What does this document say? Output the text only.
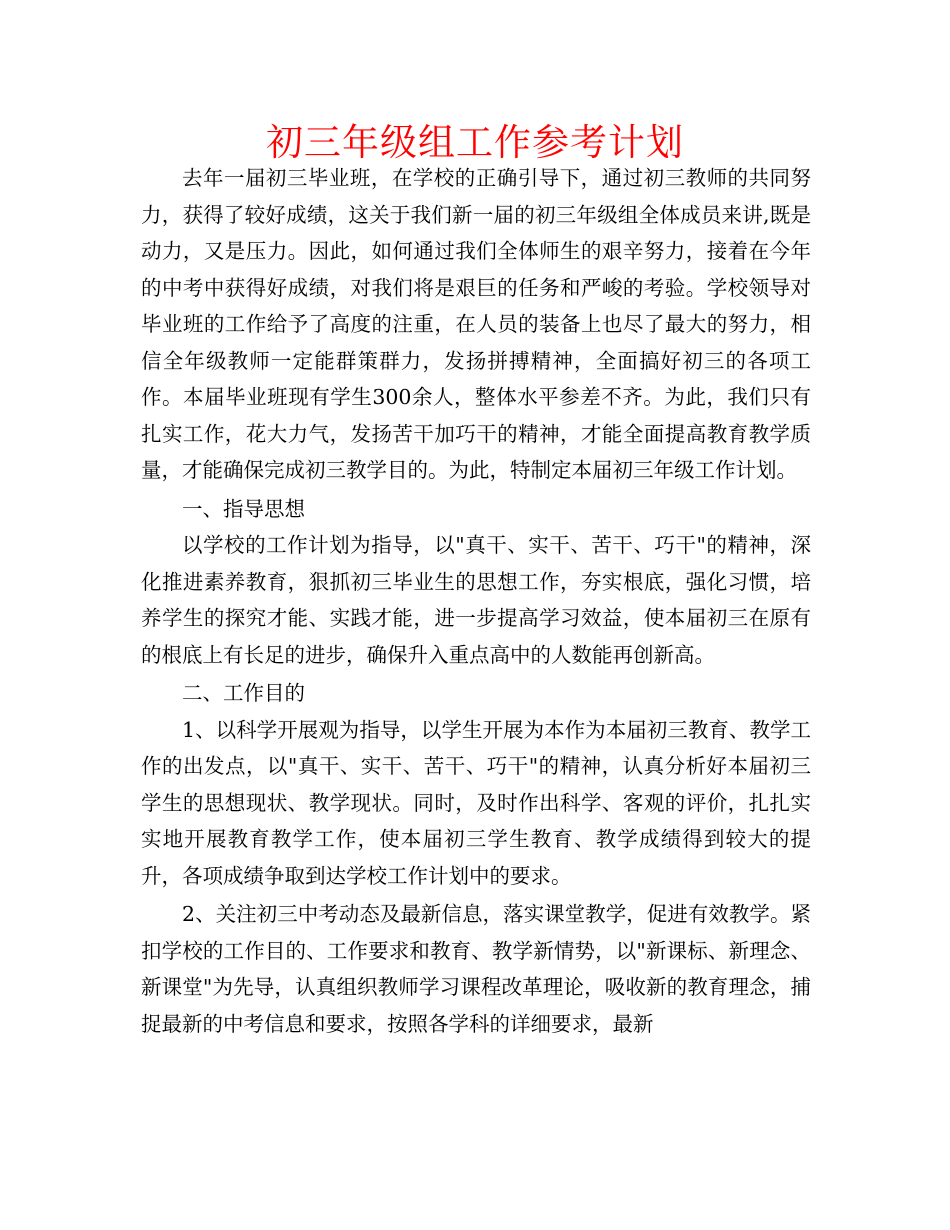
初三年级组工作参考计划

去年一届初三毕业班，在学校的正确引导下，通过初三教师的共同努力，获得了较好成绩，这关于我们新一届的初三年级组全体成员来讲,既是动力，又是压力。因此，如何通过我们全体师生的艰辛努力，接着在今年的中考中获得好成绩，对我们将是艰巨的任务和严峻的考验。学校领导对毕业班的工作给予了高度的注重，在人员的装备上也尽了最大的努力，相信全年级教师一定能群策群力，发扬拼搏精神，全面搞好初三的各项工作。本届毕业班现有学生300余人，整体水平参差不齐。为此，我们只有扎实工作，花大力气，发扬苦干加巧干的精神，才能全面提高教育教学质量，才能确保完成初三教学目的。为此，特制定本届初三年级工作计划。

一、指导思想

以学校的工作计划为指导，以"真干、实干、苦干、巧干"的精神，深化推进素养教育，狠抓初三毕业生的思想工作，夯实根底，强化习惯，培养学生的探究才能、实践才能，进一步提高学习效益，使本届初三在原有的根底上有长足的进步，确保升入重点高中的人数能再创新高。

二、工作目的

1、以科学开展观为指导，以学生开展为本作为本届初三教育、教学工作的出发点，以"真干、实干、苦干、巧干"的精神，认真分析好本届初三学生的思想现状、教学现状。同时，及时作出科学、客观的评价，扎扎实实地开展教育教学工作，使本届初三学生教育、教学成绩得到较大的提升，各项成绩争取到达学校工作计划中的要求。

2、关注初三中考动态及最新信息，落实课堂教学，促进有效教学。紧扣学校的工作目的、工作要求和教育、教学新情势，以"新课标、新理念、新课堂"为先导，认真组织教师学习课程改革理论，吸收新的教育理念，捕捉最新的中考信息和要求，按照各学科的详细要求，最新
